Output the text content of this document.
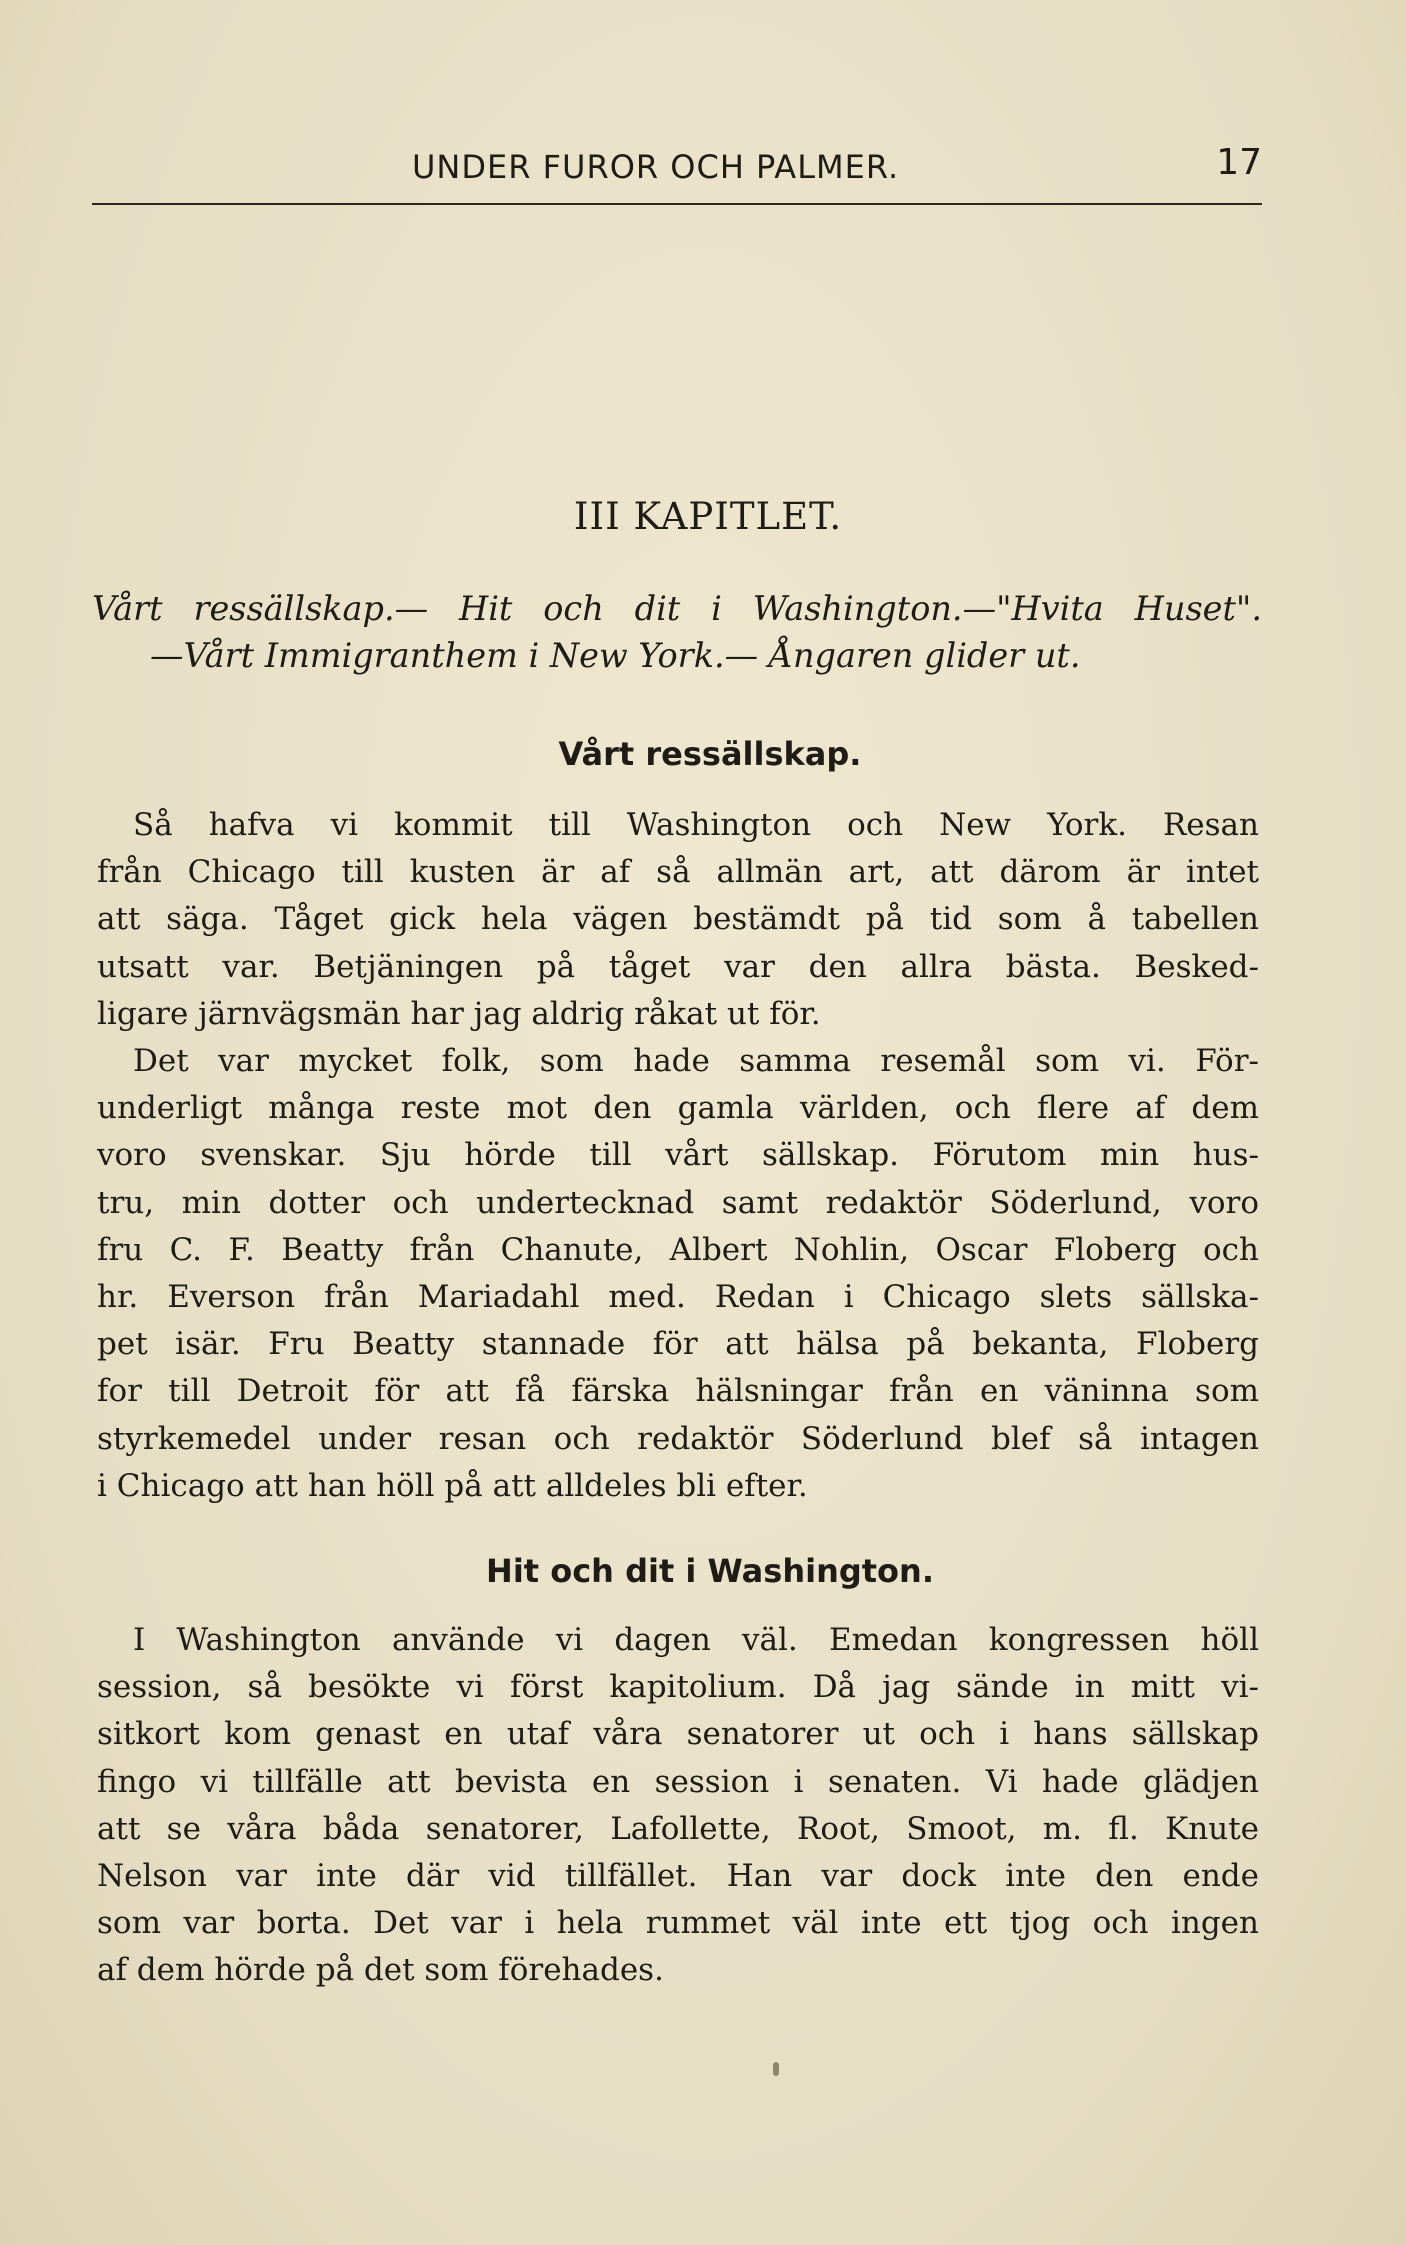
UNDER FUROR OCH PALMER.	17
III KAPITLET.
Vårt ressällskap.— Hit och dit i Washington.—"Hvita Huset".
—Vårt Immigranthem i New York.— Ångaren glider ut.
Vårt ressällskap.
Så hafva vi kommit till Washington och New York. Resan
från Chicago till kusten är af så allmän art, att därom är intet
att säga. Tåget gick hela vägen bestämdt på tid som å tabellen
utsatt var. Betjäningen på tåget var den allra bästa. Besked-
ligare järnvägsmän har jag aldrig råkat ut för.
Det var mycket folk, som hade samma resemål som vi. För-
underligt många reste mot den gamla världen, och flere af dem
voro svenskar. Sju hörde till vårt sällskap. Förutom min hus-
tru, min dotter och undertecknad samt redaktör Söderlund, voro
fru C. F. Beatty från Chanute, Albert Nohlin, Oscar Floberg och
hr. Everson från Mariadahl med. Redan i Chicago slets sällska-
pet isär. Fru Beatty stannade för att hälsa på bekanta, Floberg
for till Detroit för att få färska hälsningar från en väninna som
styrkemedel under resan och redaktör Söderlund blef så intagen
i Chicago att han höll på att alldeles bli efter.
Hit och dit i Washington.
I Washington använde vi dagen väl. Emedan kongressen höll
session, så besökte vi först kapitolium. Då jag sände in mitt vi-
sitkort kom genast en utaf våra senatorer ut och i hans sällskap
fingo vi tillfälle att bevista en session i senaten. Vi hade glädjen
att se våra båda senatorer, Lafollette, Root, Smoot, m. fl. Knute
Nelson var inte där vid tillfället. Han var dock inte den ende
som var borta. Det var i hela rummet väl inte ett tjog och ingen
af dem hörde på det som förehades.
